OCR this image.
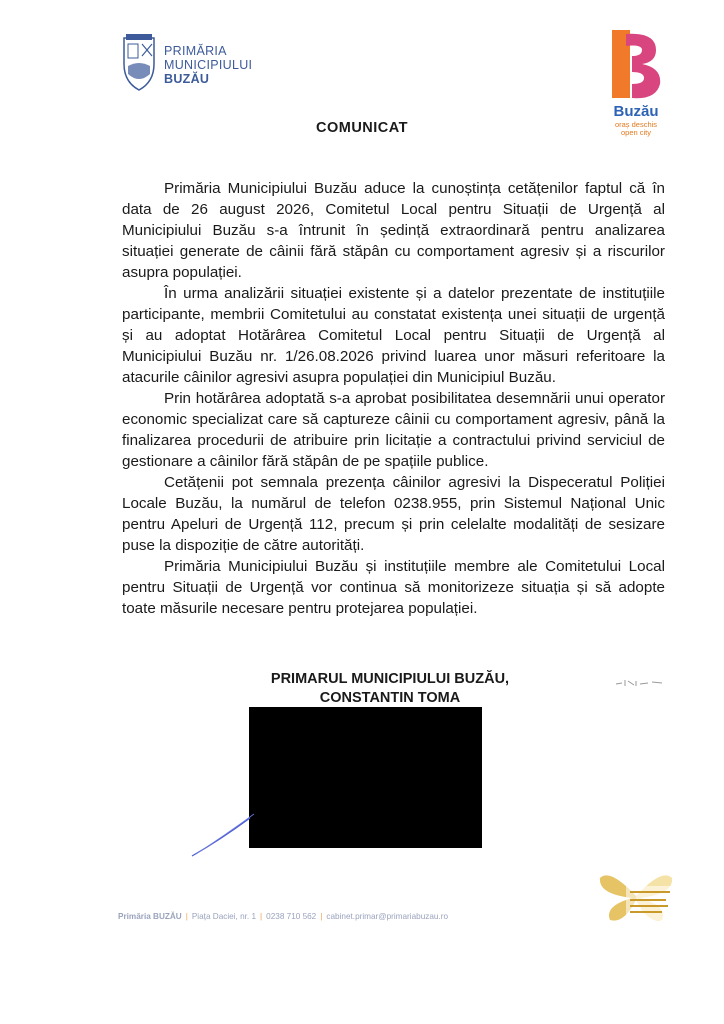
PRIMĂRIA
MUNICIPIULUI
BUZĂU
Buzău
oraș deschis
open city
COMUNICAT

Primăria Municipiului Buzău aduce la cunoștința cetățenilor faptul că în data de 26 august 2026, Comitetul Local pentru Situații de Urgență al Municipiului Buzău s-a întrunit în ședință extraordinară pentru analizarea situației generate de câinii fără stăpân cu comportament agresiv și a riscurilor asupra populației.

În urma analizării situației existente și a datelor prezentate de instituțiile participante, membrii Comitetului au constatat existența unei situații de urgență și au adoptat Hotărârea Comitetul Local pentru Situații de Urgență al Municipiului Buzău nr. 1/26.08.2026 privind luarea unor măsuri referitoare la atacurile câinilor agresivi asupra populației din Municipiul Buzău.

Prin hotărârea adoptată s-a aprobat posibilitatea desemnării unui operator economic specializat care să captureze câinii cu comportament agresiv, până la finalizarea procedurii de atribuire prin licitație a contractului privind serviciul de gestionare a câinilor fără stăpân de pe spațiile publice.

Cetățenii pot semnala prezența câinilor agresivi la Dispeceratul Poliției Locale Buzău, la numărul de telefon 0238.955, prin Sistemul Național Unic pentru Apeluri de Urgență 112, precum și prin celelalte modalități de sesizare puse la dispoziție de către autorități.

Primăria Municipiului Buzău și instituțiile membre ale Comitetului Local pentru Situații de Urgență vor continua să monitorizeze situația și să adopte toate măsurile necesare pentru protejarea populației.

PRIMARUL MUNICIPIULUI BUZĂU,
CONSTANTIN TOMA
Primăria BUZĂU | Piața Daciei, nr. 1 | 0238 710 562 | cabinet.primar@primariabuzau.ro
